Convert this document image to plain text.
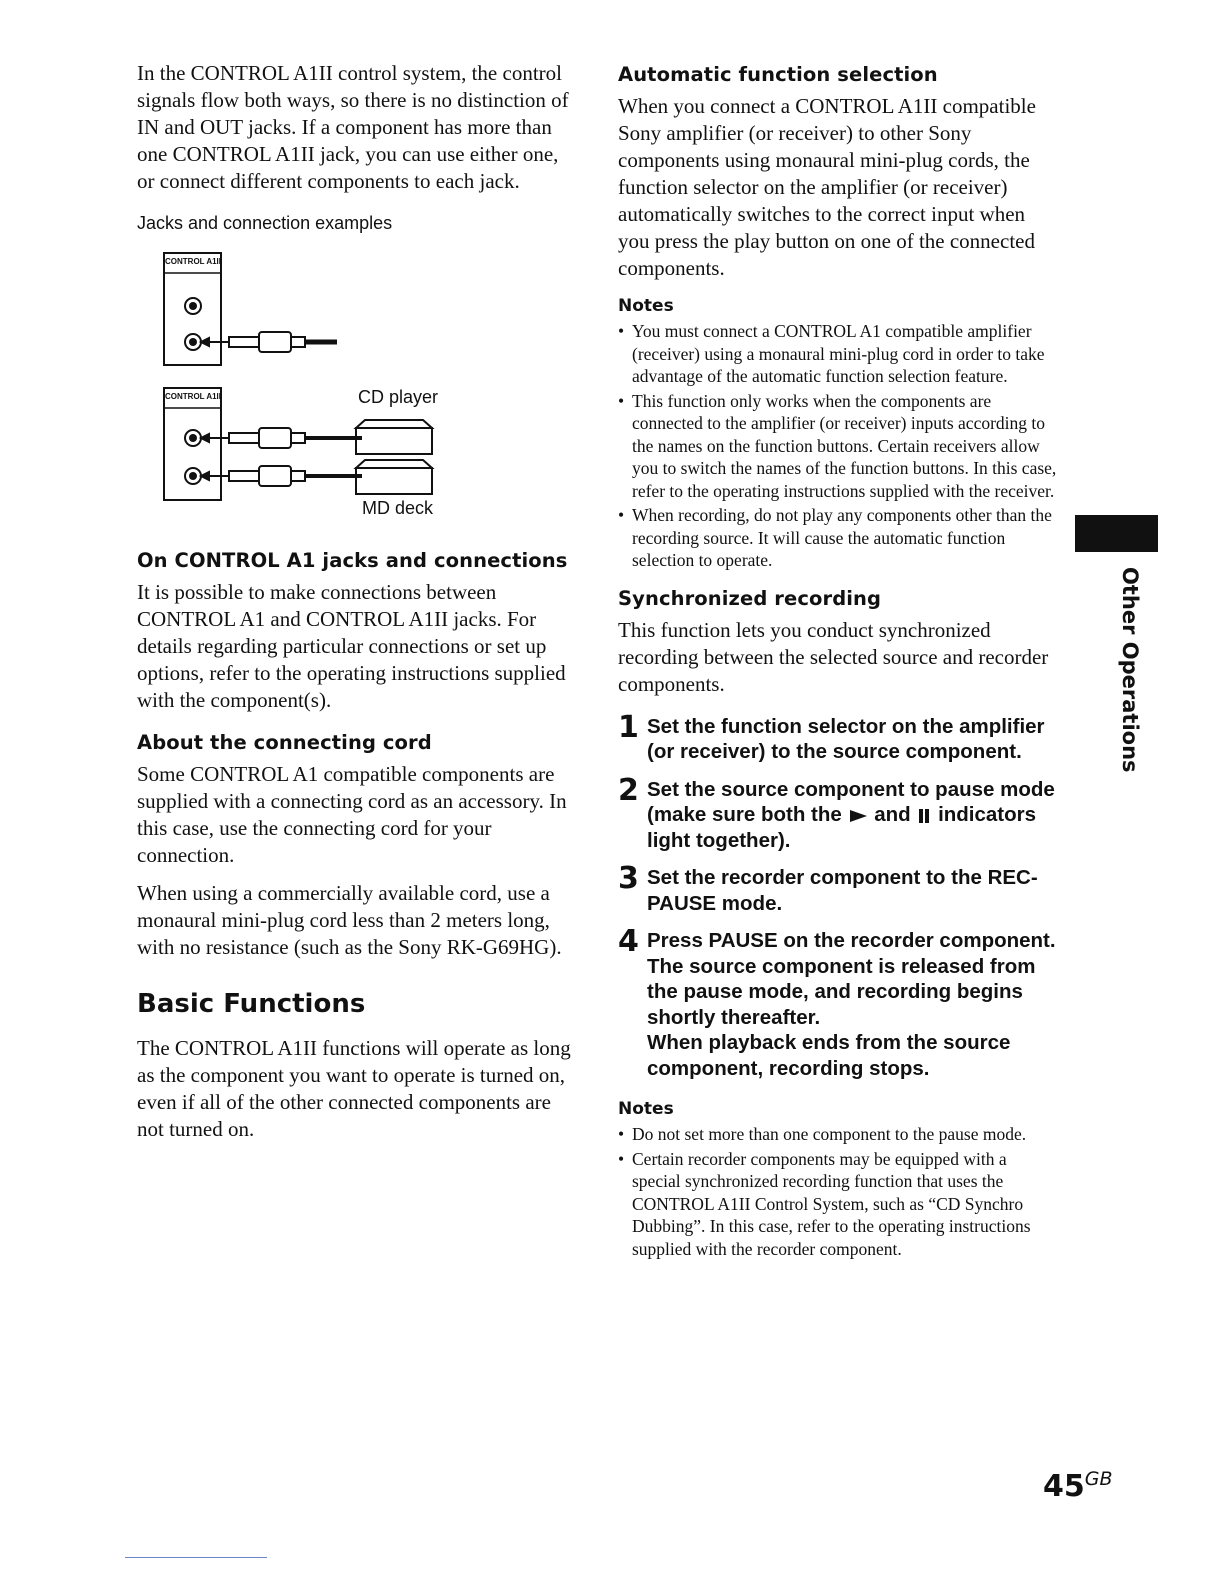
In the CONTROL A1II control system, the control signals flow both ways, so there is no distinction of IN and OUT jacks. If a component has more than one CONTROL A1II jack, you can use either one, or connect different components to each jack.

Jacks and connection examples
CONTROL A1II
CONTROL A1II	CD player
MD deck
On CONTROL A1 jacks and connections

It is possible to make connections between CONTROL A1 and CONTROL A1II jacks. For details regarding particular connections or set up options, refer to the operating instructions supplied with the component(s).

About the connecting cord

Some CONTROL A1 compatible components are supplied with a connecting cord as an accessory. In this case, use the connecting cord for your connection.

When using a commercially available cord, use a monaural mini-plug cord less than 2 meters long, with no resistance (such as the Sony RK-G69HG).

Basic Functions

The CONTROL A1II functions will operate as long as the component you want to operate is turned on, even if all of the other connected components are not turned on.

Automatic function selection

When you connect a CONTROL A1II compatible Sony amplifier (or receiver) to other Sony components using monaural mini-plug cords, the function selector on the amplifier (or receiver) automatically switches to the correct input when you press the play button on one of the connected components.

Notes
• You must connect a CONTROL A1 compatible amplifier (receiver) using a monaural mini-plug cord in order to take advantage of the automatic function selection feature.
• This function only works when the components are connected to the amplifier (or receiver) inputs according to the names on the function buttons. Certain receivers allow you to switch the names of the function buttons. In this case, refer to the operating instructions supplied with the receiver.
• When recording, do not play any components other than the recording source. It will cause the automatic function selection to operate.
Synchronized recording

This function lets you conduct synchronized recording between the selected source and recorder components.

1 Set the function selector on the amplifier (or receiver) to the source component.
2 Set the source component to pause mode (make sure both the and indicators light together).
3 Set the recorder component to the REC-PAUSE mode.
4 Press PAUSE on the recorder component.
The source component is released from the pause mode, and recording begins shortly thereafter.
When playback ends from the source component, recording stops.
Notes
• Do not set more than one component to the pause mode.
• Certain recorder components may be equipped with a special synchronized recording function that uses the CONTROL A1II Control System, such as “CD Synchro Dubbing”. In this case, refer to the operating instructions supplied with the recorder component.
Other Operations
$45^{GB}$
